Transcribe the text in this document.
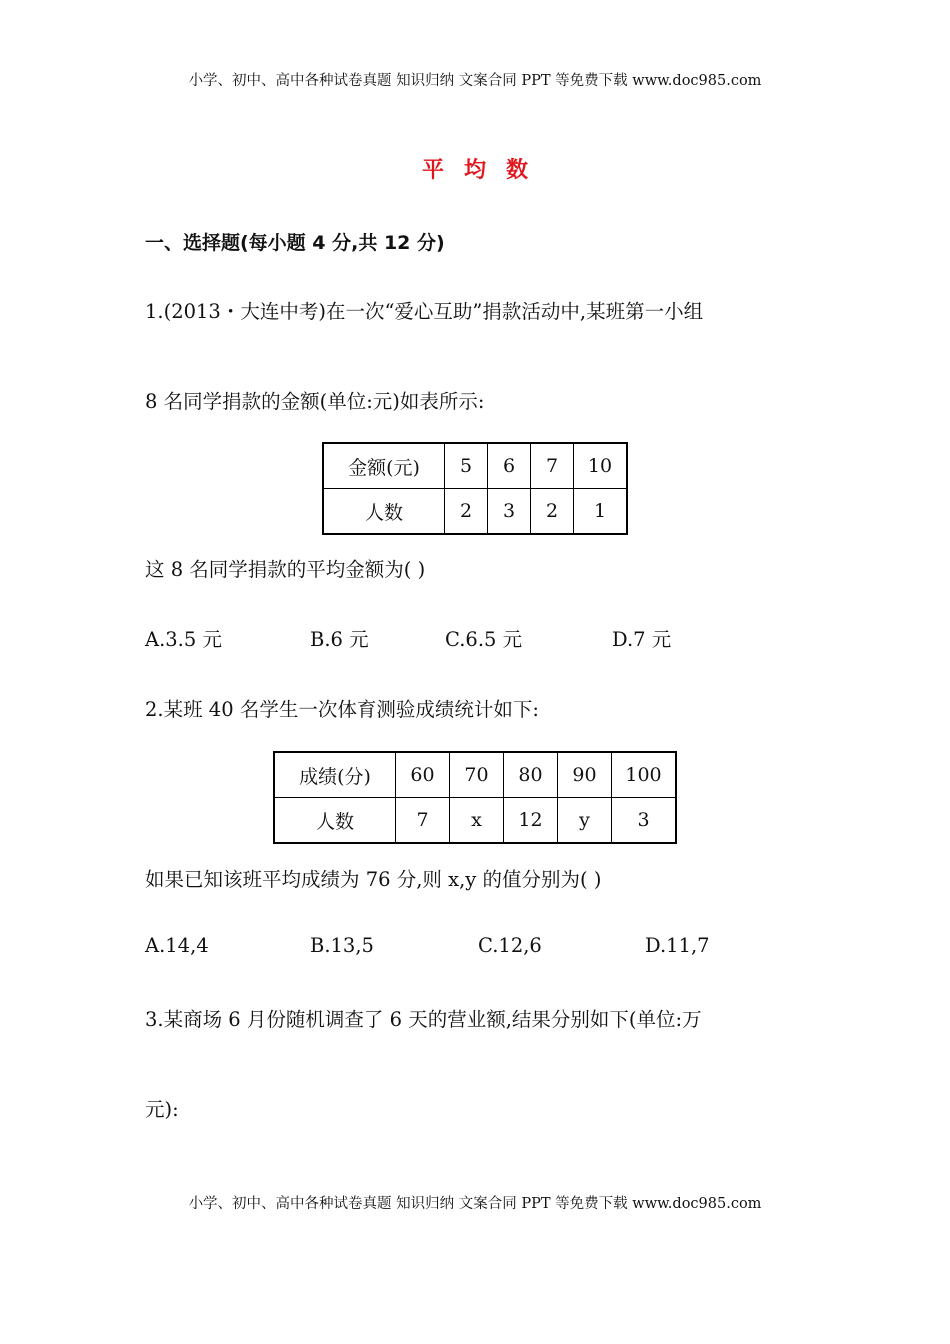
小学、初中、高中各种试卷真题 知识归纳 文案合同 PPT 等免费下载 www.doc985.com
平均数
一、选择题(每小题 4 分,共 12 分)
1.(2013・大连中考)在一次“爱心互助”捐款活动中,某班第一小组
8 名同学捐款的金额(单位:元)如表所示:
金额(元)	5	6	7	10
人数	2	3	2	1
这 8 名同学捐款的平均金额为( )
A.3.5 元	B.6 元	C.6.5 元	D.7 元
2.某班 40 名学生一次体育测验成绩统计如下:
成绩(分)	60	70	80	90	100
人数	7	x	12	y	3
如果已知该班平均成绩为 76 分,则 x,y 的值分别为( )
A.14,4	B.13,5	C.12,6	D.11,7
3.某商场 6 月份随机调查了 6 天的营业额,结果分别如下(单位:万
元):
小学、初中、高中各种试卷真题 知识归纳 文案合同 PPT 等免费下载 www.doc985.com
